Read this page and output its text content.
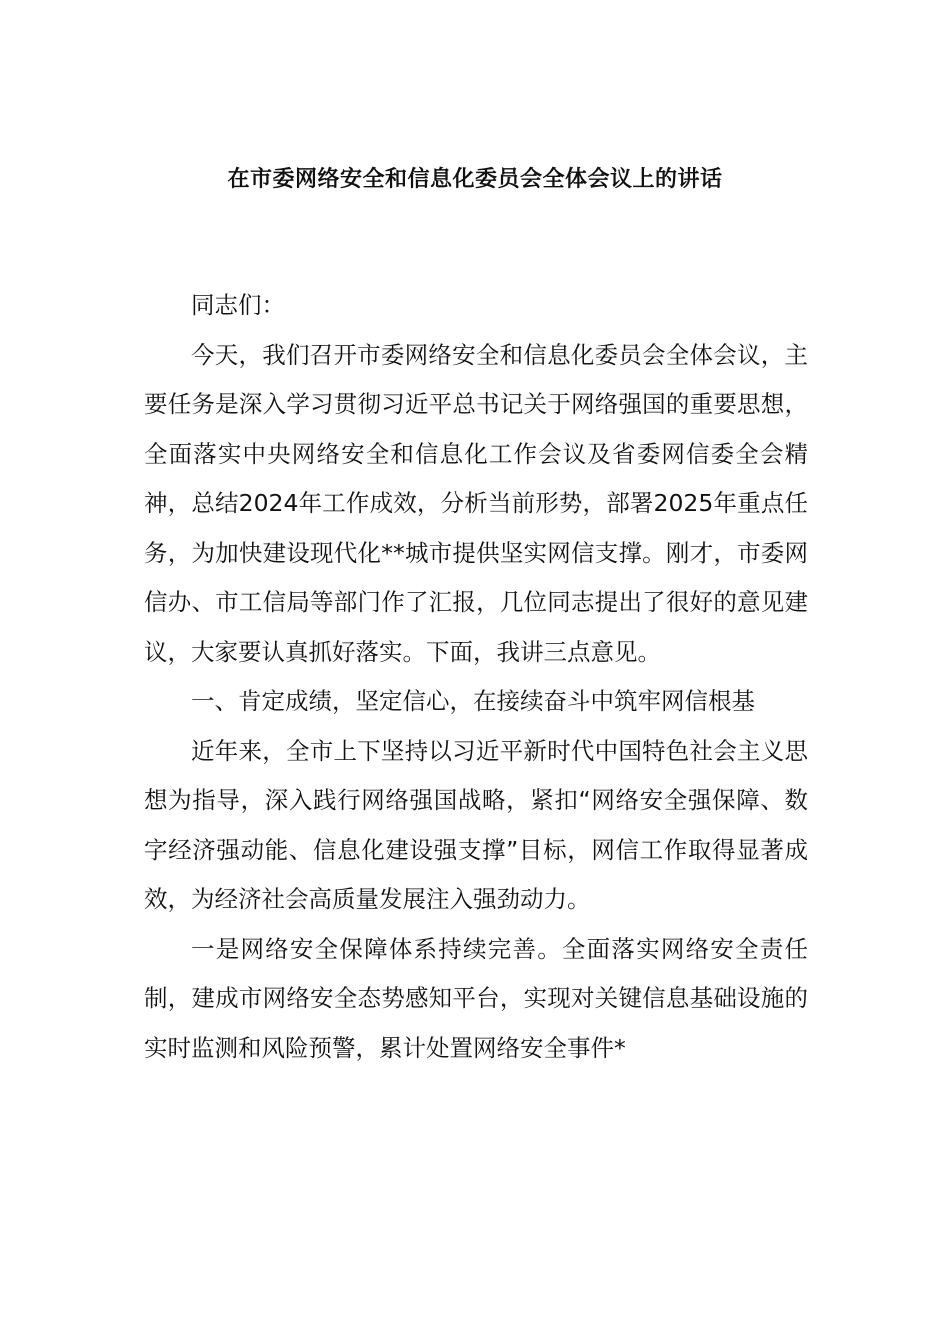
在市委网络安全和信息化委员会全体会议上的讲话

同志们：

今天，我们召开市委网络安全和信息化委员会全体会议，主要任务是深入学习贯彻习近平总书记关于网络强国的重要思想，全面落实中央网络安全和信息化工作会议及省委网信委全会精神，总结2024年工作成效，分析当前形势，部署2025年重点任务，为加快建设现代化**城市提供坚实网信支撑。刚才，市委网信办、市工信局等部门作了汇报，几位同志提出了很好的意见建议，大家要认真抓好落实。下面，我讲三点意见。

一、肯定成绩，坚定信心，在接续奋斗中筑牢网信根基

近年来，全市上下坚持以习近平新时代中国特色社会主义思想为指导，深入践行网络强国战略，紧扣“网络安全强保障、数字经济强动能、信息化建设强支撑”目标，网信工作取得显著成效，为经济社会高质量发展注入强劲动力。

一是网络安全保障体系持续完善。全面落实网络安全责任制，建成市网络安全态势感知平台，实现对关键信息基础设施的实时监测和风险预警，累计处置网络安全事件*
